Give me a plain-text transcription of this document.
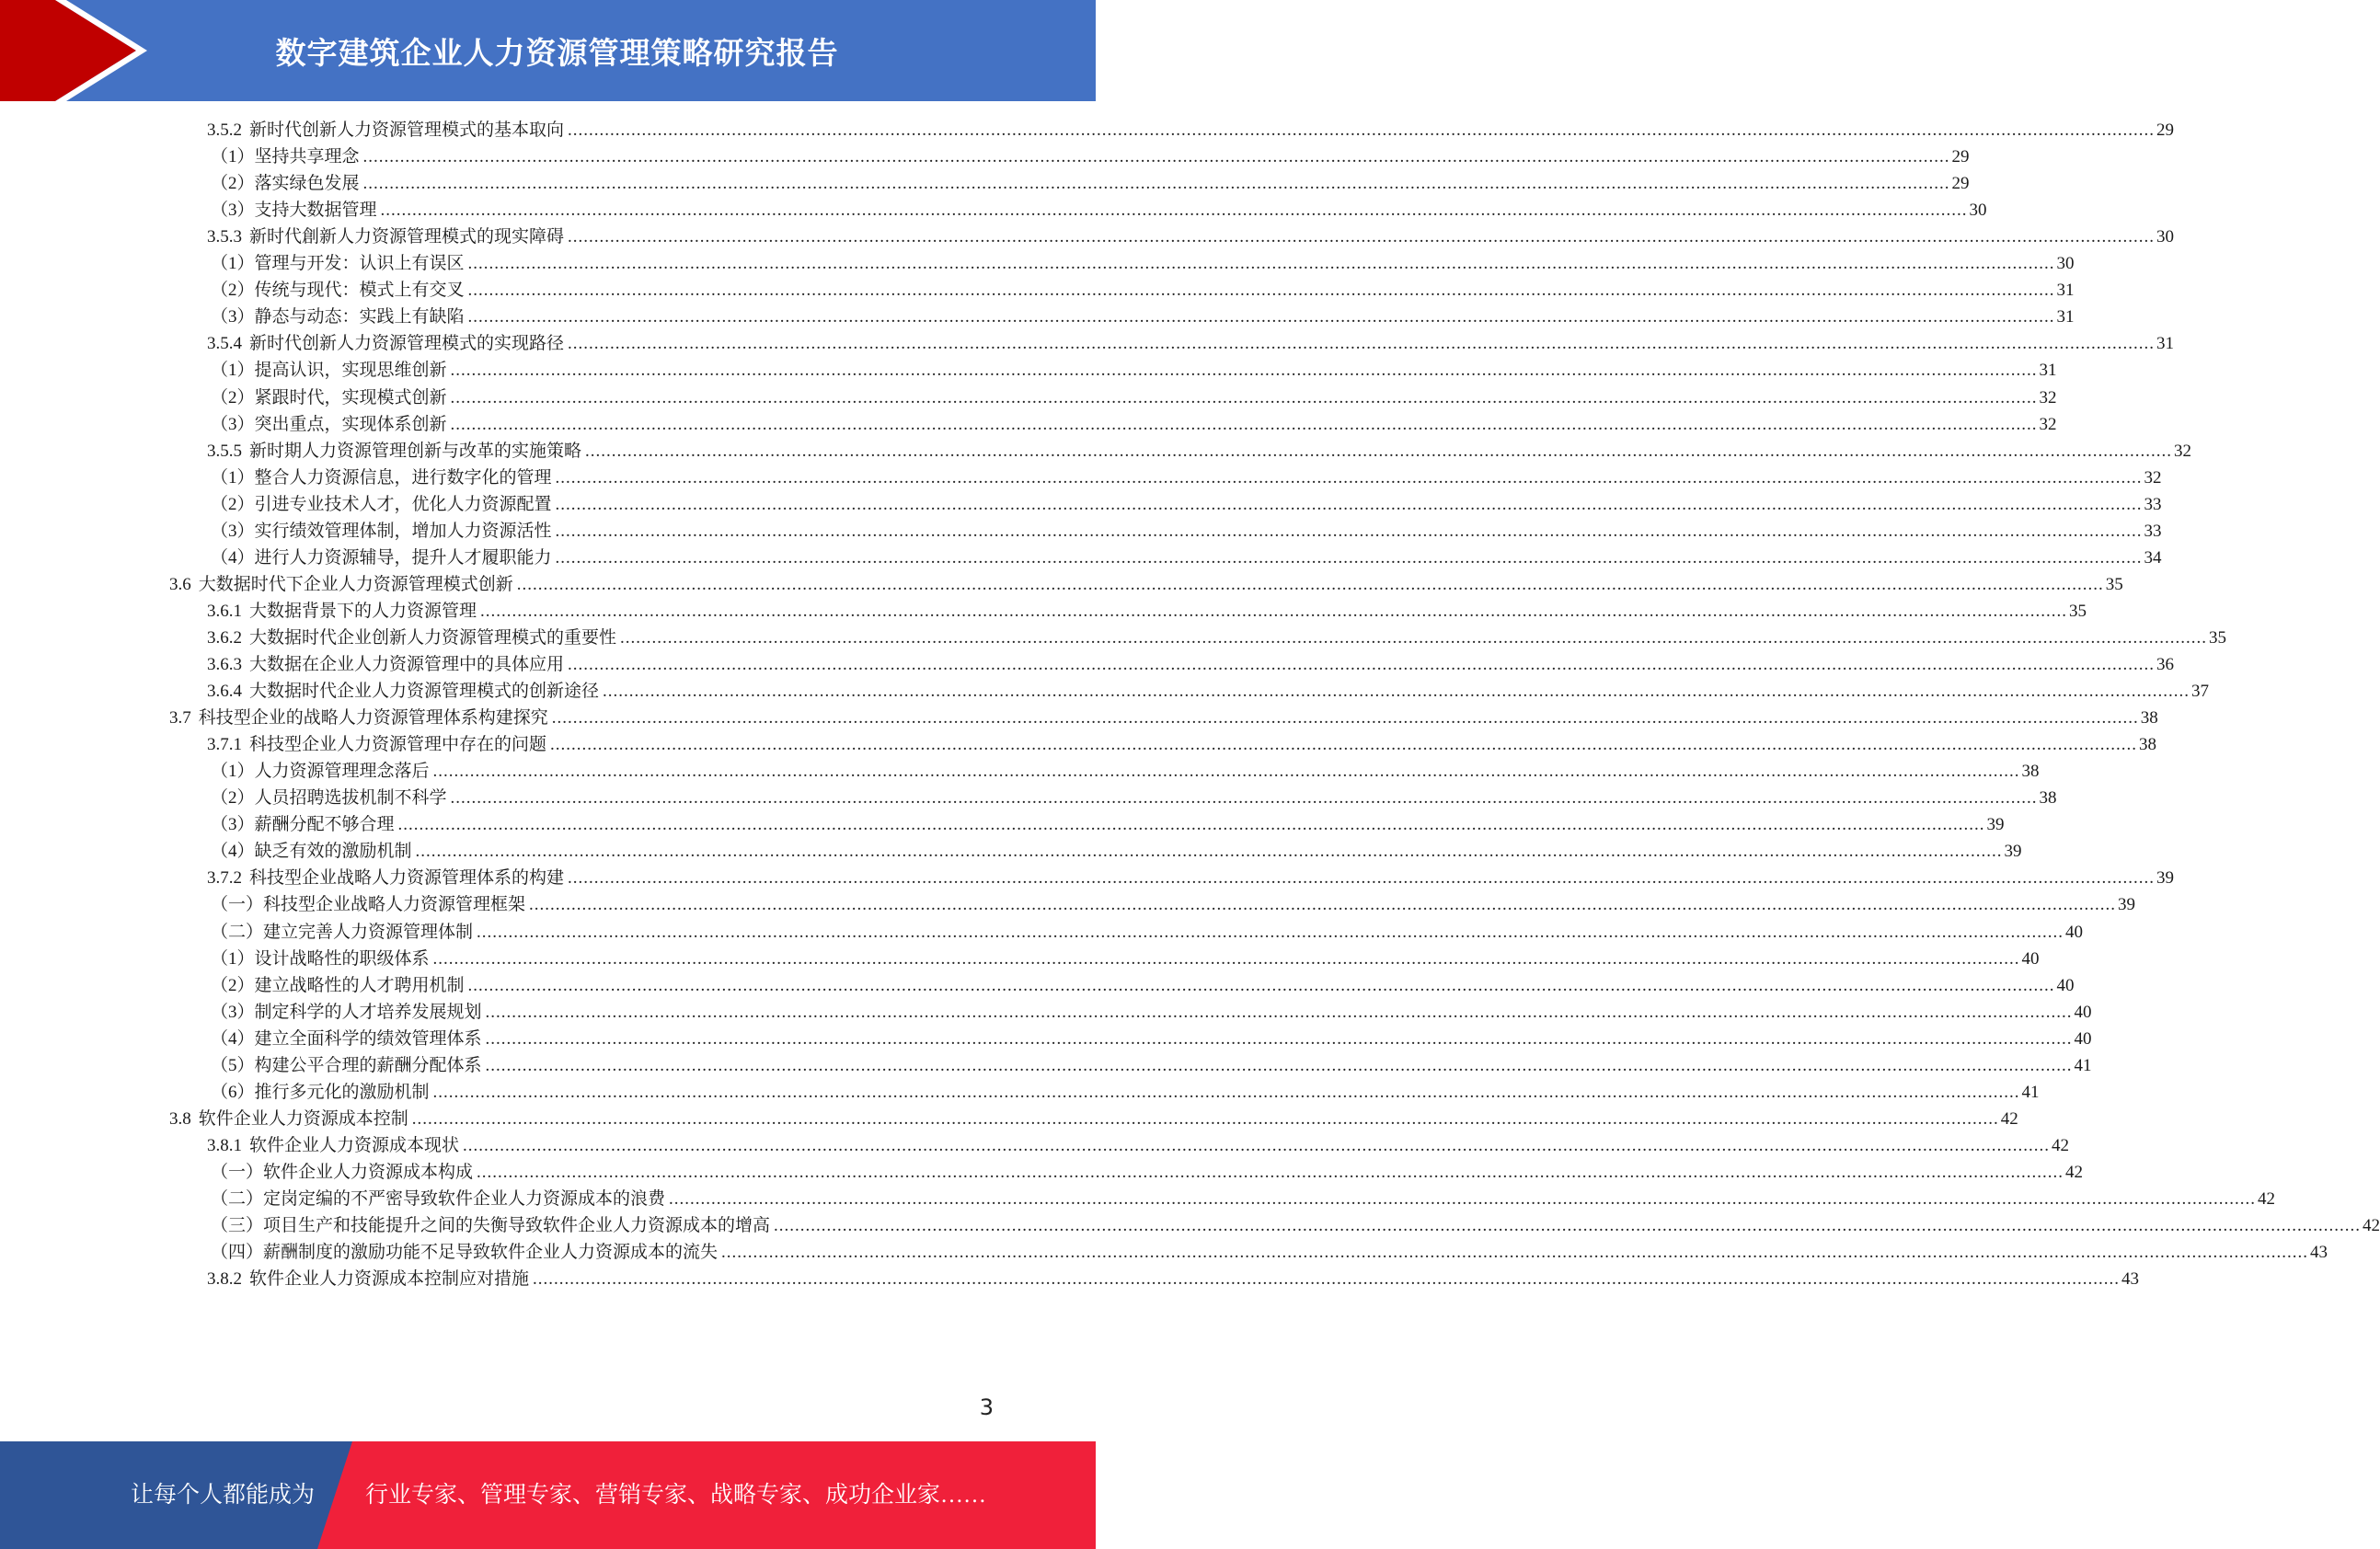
数字建筑企业人力资源管理策略研究报告
3.5.2 新时代创新人力资源管理模式的基本取向 ............................................................................................................................................................................................................................................................................................................ 29
（1） 坚持共享理念 ............................................................................................................................................................................................................................................................................................................ 29
（2） 落实绿色发展 ............................................................................................................................................................................................................................................................................................................ 29
（3） 支持大数据管理 ............................................................................................................................................................................................................................................................................................................ 30
3.5.3 新时代創新人力资源管理模式的现实障碍 ............................................................................................................................................................................................................................................................................................................ 30
（1） 管理与开发：认识上有误区 ............................................................................................................................................................................................................................................................................................................ 30
（2） 传统与现代：模式上有交叉 ............................................................................................................................................................................................................................................................................................................ 31
（3） 静态与动态：实践上有缺陷 ............................................................................................................................................................................................................................................................................................................ 31
3.5.4 新时代创新人力资源管理模式的实现路径 ............................................................................................................................................................................................................................................................................................................ 31
（1） 提高认识，实现思维创新 ............................................................................................................................................................................................................................................................................................................ 31
（2） 紧跟时代，实现模式创新 ............................................................................................................................................................................................................................................................................................................ 32
（3） 突出重点，实现体系创新 ............................................................................................................................................................................................................................................................................................................ 32
3.5.5 新时期人力资源管理创新与改革的实施策略 ............................................................................................................................................................................................................................................................................................................ 32
（1） 整合人力资源信息，进行数字化的管理 ............................................................................................................................................................................................................................................................................................................ 32
（2） 引进专业技术人才，优化人力资源配置 ............................................................................................................................................................................................................................................................................................................ 33
（3） 实行绩效管理体制，增加人力资源活性 ............................................................................................................................................................................................................................................................................................................ 33
（4） 进行人力资源辅导，提升人才履职能力 ............................................................................................................................................................................................................................................................................................................ 34
3.6 大数据时代下企业人力资源管理模式创新 ............................................................................................................................................................................................................................................................................................................ 35
3.6.1 大数据背景下的人力资源管理 ............................................................................................................................................................................................................................................................................................................ 35
3.6.2 大数据时代企业创新人力资源管理模式的重要性 ............................................................................................................................................................................................................................................................................................................ 35
3.6.3 大数据在企业人力资源管理中的具体应用 ............................................................................................................................................................................................................................................................................................................ 36
3.6.4 大数据时代企业人力资源管理模式的创新途径 ............................................................................................................................................................................................................................................................................................................ 37
3.7 科技型企业的战略人力资源管理体系构建探究 ............................................................................................................................................................................................................................................................................................................ 38
3.7.1 科技型企业人力资源管理中存在的问题 ............................................................................................................................................................................................................................................................................................................ 38
（1） 人力资源管理理念落后 ............................................................................................................................................................................................................................................................................................................ 38
（2） 人员招聘选拔机制不科学 ............................................................................................................................................................................................................................................................................................................ 38
（3） 薪酬分配不够合理 ............................................................................................................................................................................................................................................................................................................ 39
（4） 缺乏有效的激励机制 ............................................................................................................................................................................................................................................................................................................ 39
3.7.2 科技型企业战略人力资源管理体系的构建 ............................................................................................................................................................................................................................................................................................................ 39
（一） 科技型企业战略人力资源管理框架 ............................................................................................................................................................................................................................................................................................................ 39
（二） 建立完善人力资源管理体制 ............................................................................................................................................................................................................................................................................................................ 40
（1） 设计战略性的职级体系 ............................................................................................................................................................................................................................................................................................................ 40
（2） 建立战略性的人才聘用机制 ............................................................................................................................................................................................................................................................................................................ 40
（3） 制定科学的人才培养发展规划 ............................................................................................................................................................................................................................................................................................................ 40
（4） 建立全面科学的绩效管理体系 ............................................................................................................................................................................................................................................................................................................ 40
（5） 构建公平合理的薪酬分配体系 ............................................................................................................................................................................................................................................................................................................ 41
（6） 推行多元化的激励机制 ............................................................................................................................................................................................................................................................................................................ 41
3.8 软件企业人力资源成本控制 ............................................................................................................................................................................................................................................................................................................ 42
3.8.1 软件企业人力资源成本现状 ............................................................................................................................................................................................................................................................................................................ 42
（一） 软件企业人力资源成本构成 ............................................................................................................................................................................................................................................................................................................ 42
（二） 定岗定编的不严密导致软件企业人力资源成本的浪费 ............................................................................................................................................................................................................................................................................................................ 42
（三） 项目生产和技能提升之间的失衡导致软件企业人力资源成本的增高 ............................................................................................................................................................................................................................................................................................................ 42
（四） 薪酬制度的激励功能不足导致软件企业人力资源成本的流失 ............................................................................................................................................................................................................................................................................................................ 43
3.8.2 软件企业人力资源成本控制应对措施 ............................................................................................................................................................................................................................................................................................................ 43
3
让每个人都能成为 行业专家、管理专家、营销专家、战略专家、成功企业家……
